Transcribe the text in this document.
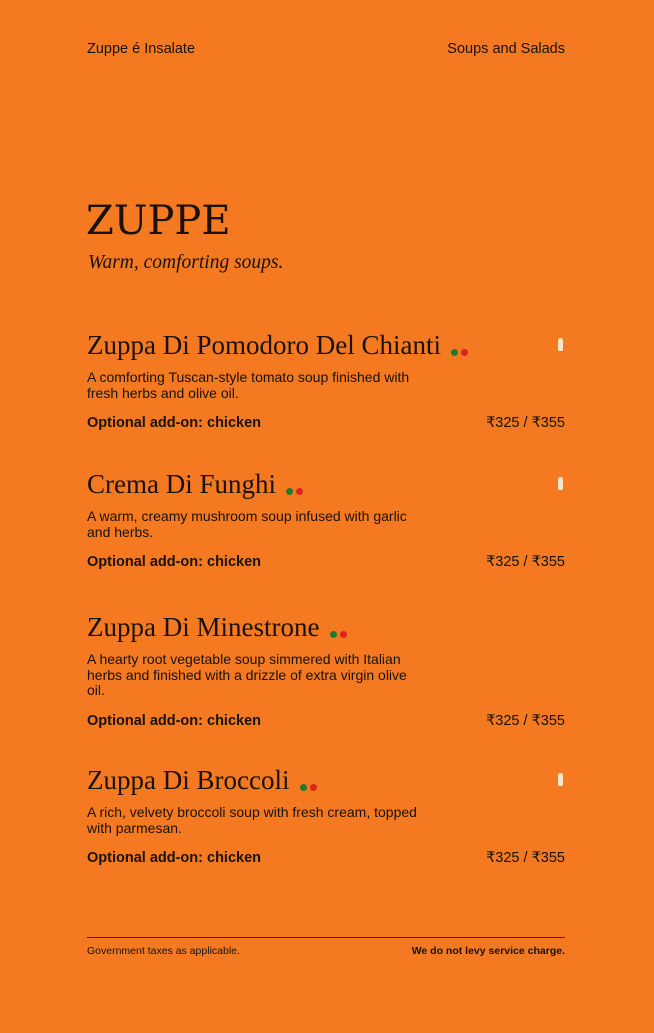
Zuppe é Insalate	Soups and Salads
ZUPPE
Warm, comforting soups.
Zuppa Di Pomodoro Del Chianti
A comforting Tuscan-style tomato soup finished with fresh herbs and olive oil.
Optional add-on: chicken	₹325 / ₹355
Crema Di Funghi
A warm, creamy mushroom soup infused with garlic and herbs.
Optional add-on: chicken	₹325 / ₹355
Zuppa Di Minestrone
A hearty root vegetable soup simmered with Italian herbs and finished with a drizzle of extra virgin olive oil.
Optional add-on: chicken	₹325 / ₹355
Zuppa Di Broccoli
A rich, velvety broccoli soup with fresh cream, topped with parmesan.
Optional add-on: chicken	₹325 / ₹355
Government taxes as applicable.	We do not levy service charge.
